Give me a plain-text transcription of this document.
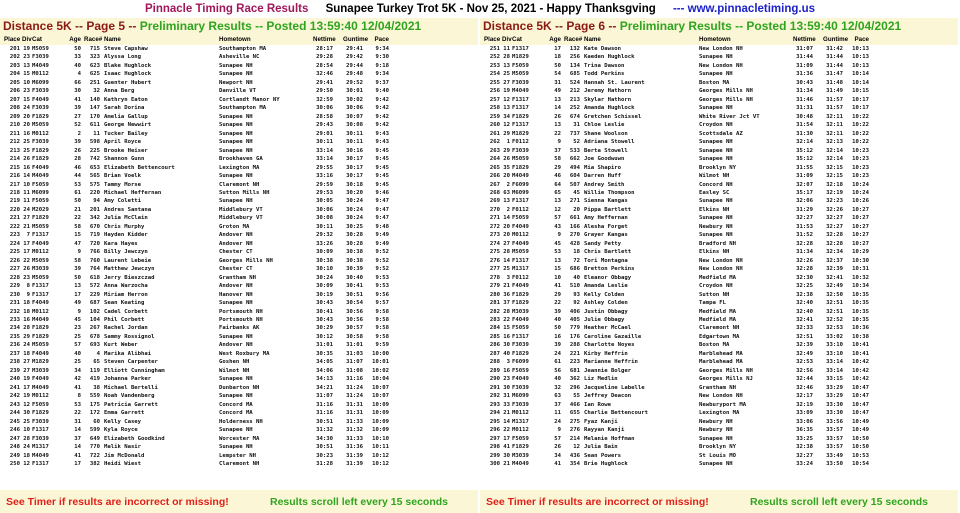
Pinnacle Timing Race Results Sunapee Turkey Trot 5K - Nov 25, 2021 - Happy Thanksgving --- www.pinnacletiming.us
Distance 5K -- Page 5 -- Preliminary Results -- Posted 13:59:40 12/04/2021
Place Div Cat	Age Race# Name	Hometown	Nettime Guntime	Pace
201 19 M5059	50	715 Steve Capshaw	Southampton MA	28:17	29:41	9:34
202 23 F3039	33	323 Alyssa Long	Asheville NC	29:28	29:42	9:30
203 13 M4049	40	623 Blake Hughlock	Sunapee NH	28:54	29:44	9:18
204 15 M0112	4	625 Isaac Hughlock	Sunapee NH	32:46	29:48	9:34
205 10 M6099	66	251 Guenter Hubert	Newport NH	29:41	29:52	9:37
206 23 F3039	30	32 Anna Berg	Danville VT	29:50	30:01	9:40
207 15 F4049	41	140 Kathryn Eaton	Cortlandt Manor NY	32:59	30:02	9:42
208 24 F3039	39	147 Sarah Dorina	Southampton MA	30:06	30:06	9:42
209 20 F1829	27	170 Amelia Gallup	Sunapee NH	28:58	30:07	9:42
210 20 M5059	52	611 George Newwirt	Sunapee NH	29:43	30:08	9:42
211 16 M0112	2	11 Tucker Bailey	Sunapee NH	29:01	30:11	9:43
212 25 F3039	39	598 April Royce	Sunapee NH	30:11	30:11	9:43
213 25 F1829	26	225 Brooke Heiser	Sunapee NH	33:14	30:16	9:45
214 26 F1829	28	742 Shannon Gunn	Brookhaven GA	33:14	30:17	9:45
215 16 F4049	46	653 Elizabeth Bettencourt	Lexington MA	29:55	30:17	9:45
216 14 M4049	44	565 Brian Voelk	Sunapee NH	33:16	30:17	9:45
217 10 F5059	53	575 Tammy Morse	Claremont NH	29:59	30:18	9:45
218 11 M6099	61	220 Michael Heffernan	Sutton Mills NH	29:53	30:20	9:46
219 11 F5059	50	94 Amy Coletti	Sunapee NH	30:05	30:24	9:47
220 24 M2029	21	201 Andres Santana	Middlebury VT	30:06	30:24	9:47
221 27 F1829	22	342 Julia McClain	Middlebury VT	30:08	30:24	9:47
222 21 M5059	58	670 Chris Murphy	Groton MA	30:11	30:25	9:48
223	7 F1317	15	719 Hayden Kidder	Andover NH	29:32	30:28	9:49
224 17 F4049	47	720 Kara Hayes	Andover NH	33:26	30:28	9:49
225 17 M0112	9	766 Billy Jewczyn	Chester CT	30:09	30:38	9:52
226 22 M5059	58	760 Laurent Lebeie	Georges Mills NH	30:38	30:38	9:52
227 26 M3039	39	764 Matthew Jewczyn	Chester CT	30:10	30:39	9:52
228 23 M5059	50	618 Jerry Bieszczad	Grantham NH	30:24	30:40	9:53
229	8 F1317	13	572 Anna Warzocha	Andover NH	30:09	30:41	9:53
230	9 F1317	17	229 Miriam Herron	Hanover NH	30:19	30:51	9:56
231 18 F4049	49	687 Sean Keating	Sunapee NH	30:43	30:54	9:57
232 18 M0112	9	102 Cadel Corbett	Portsmouth NH	30:41	30:56	9:58
233 16 M4049	45	104 Phil Corbett	Portsmouth NH	30:43	30:56	9:58
234 28 F1829	23	267 Rachel Jordan	Fairbanks AK	30:29	30:57	9:58
235 29 F1829	25	678 Sammy Rossignol	Sunapee NH	30:12	30:58	9:58
236 24 M5059	57	693 Kurt Weber	Andover NH	31:01	31:01	9:59
237 18 F4049	40	4 Marika Alibhai	West Roxbury MA	30:35	31:03	10:00
238 27 M1829	25	65 Steven Carpenter	Goshen NH	34:05	31:07	10:01
239 27 M3039	34	119 Elliott Cunningham	Wilmot NH	34:06	31:08	10:02
240 19 F4049	42	419 Johanna Parker	Sunapee NH	34:13	31:16	10:04
241 17 M4049	41	38 Michael Bertelli	Dunbarton NH	34:21	31:24	10:07
242 19 M0112	8	559 Noah Vandenberg	Sunapee NH	31:07	31:24	10:07
243 12 F5059	53	175 Patricia Garrett	Concord MA	31:16	31:31	10:09
244 30 F1829	22	172 Emma Garrett	Concord MA	31:16	31:31	10:09
245 25 F3039	31	60 Kelly Casey	Holderness NH	30:51	31:33	10:09
246 10 F1317	14	599 Kyla Royce	Sunapee NH	31:32	31:32	10:09
247 28 F3039	37	649 Elizabeth Goodkind	Worcester MA	34:30	31:33	10:10
248 24 M1317	14	770 Malik Nasir	Sunapee NH	30:51	31:36	10:11
249 18 M4049	41	722 Jim McDonald	Lempster NH	30:23	31:39	10:12
250 12 F1317	17	382 Heidi Wiest	Claremont NH	31:28	31:39	10:12
See Timer if results are incorrect or missing!	Results scroll left every 15 seconds
Distance 5K -- Page 6 -- Preliminary Results -- Posted 13:59:40 12/04/2021
Place Div Cat	Age Race# Name	Hometown	Nettime Guntime	Pace
251 11 F1317	17	132 Kate Dawson	New London NH	31:07	31:42	10:13
252 28 M1829	18	256 Kaeden Hughlock	Sunapee NH	31:44	31:44	10:13
253 13 F5059	50	134 Trina Dawson	New London NH	31:09	31:44	10:13
254 25 M5059	54	685 Todd Perkins	Sunapee NH	31:36	31:47	10:14
255 27 F3039	31	524 Hannah St. Laurent	Boston MA	30:43	31:48	10:14
256 19 M4049	49	212 Jeremy Hathorn	Georges Mills NH	31:34	31:49	10:15
257 12 F1317	13	213 Skylar Hathorn	Georges Mills NH	31:46	31:57	10:17
258 13 F1317	14	252 Amanda Hughlock	Sunapee NH	31:31	31:57	10:17
259 34 F1829	26	674 Gretchen Schissel	White River Jct VT	30:48	32:11	10:22
260 12 F1317	13	31 Chloe Leslie	Croydon NH	31:54	32:11	10:22
261 29 M1829	22	737 Shane Woolson	Scottsdale AZ	31:30	32:11	10:22
262	1 F0112	9	52 Adriana Stowell	Sunapee NH	32:14	32:13	10:22
263 29 F3039	37	533 Berta Stowell	Sunapee NH	35:12	32:14	10:23
264 26 M5059	58	662 Joe Goodwuwn	Sunapee NH	35:12	32:14	10:23
265 35 F1829	29	494 Mia Shapiro	Brooklyn NY	31:55	32:15	10:23
266 20 M4049	46	604 Darren Huff	Wilmot NH	31:09	32:15	10:23
267	2 F6099	64	507 Andrey Smith	Concord NH	32:07	32:18	10:24
268 63 M6099	65	45 Willie Thompson	Easley SC	35:17	32:19	10:24
269 13 F1317	13	271 Sienna Kangas	Sunapee NH	32:06	32:23	10:26
270	2 F0112	12	20 Pippa Bartlett	Elkins NH	31:29	32:26	10:27
271 14 F5059	57	661 Amy Heffernan	Sunapee NH	32:27	32:27	10:27
272 20 F4049	43	166 Alesha Forget	Newbury NH	31:53	32:27	10:27
273 20 M0112	9	270 Grayer Kangas	Sunapee NH	31:52	32:28	10:27
274 27 F4049	45	428 Sandy Petty	Bradford NH	32:28	32:28	10:27
275 28 M5059	53	18 Chris Bartlett	Elkins NH	31:34	32:34	10:29
276 14 F1317	13	72 Tori Montagna	New London NH	32:26	32:37	10:30
277 25 M1317	15	686 Bretton Perkins	New London NH	32:28	32:39	10:31
278	3 F0112	10	40 Eleanor Obbagy	Medfield MA	32:30	32:41	10:32
279 21 F4049	41	510 Amanda Leslie	Croydon NH	32:25	32:49	10:34
280 36 F1829	29	93 Kelly Colden	Sutton NH	32:38	32:50	10:35
281 37 F1829	22	92 Ashley Colden	Tampa FL	32:40	32:51	10:35
282 28 M3039	39	406 Justin Obbagy	Medfield MA	32:40	32:51	10:35
283 22 F4049	40	405 Julie Obbagy	Medfield MA	32:41	32:52	10:35
284 15 F5059	50	779 Heather McCael	Claremont NH	32:33	32:53	10:36
285 16 F1317	16	176 Caroline Gazaille	Edgartown MA	32:51	33:02	10:38
286 30 F3039	39	288 Charlotte Noyes	Boston MA	32:39	33:10	10:41
287 40 F1829	24	221 Kirby Heffrin	Marblehead MA	32:49	33:10	10:41
288	3 F6099	61	223 Marianne Heffrin	Marblehead MA	32:53	33:14	10:42
289 16 F5059	56	681 Jeannie Bolger	Georges Mills NH	32:56	33:14	10:42
290 23 F4049	40	362 Liz Medlin	Georges Mills NJ	32:44	33:15	10:42
291 30 F3039	32	296 Jacqueline Labelle	Grantham NH	32:46	33:29	10:47
292 31 M6099	63	55 Jeffrey Deacon	New London NH	32:17	33:29	10:47
293 33 F3039	37	466 Ian Rowe	Newburyport MA	32:19	33:30	10:47
294 21 M0112	11	655 Charlie Bettencourt	Lexington MA	33:09	33:30	10:47
295 14 M1317	24	275 Fyaz Kanji	Newbury NH	33:06	33:56	10:49
296 22 M0112	9	276 Rayyan Kanji	Newbury NH	36:35	33:57	10:49
297 17 F5059	57	214 Melanie Hoffman	Sunapee NH	33:25	33:57	10:50
298 41 F1829	26	12 Julia Bain	Brooklyn NY	32:38	33:57	10:50
299 30 M3039	34	436 Sean Powers	St Louis MO	32:27	33:49	10:53
300 21 M4049	41	354 Brie Hughlock	Sunapee NH	33:24	33:50	10:54
See Timer if results are incorrect or missing!	Results scroll left every 15 seconds
